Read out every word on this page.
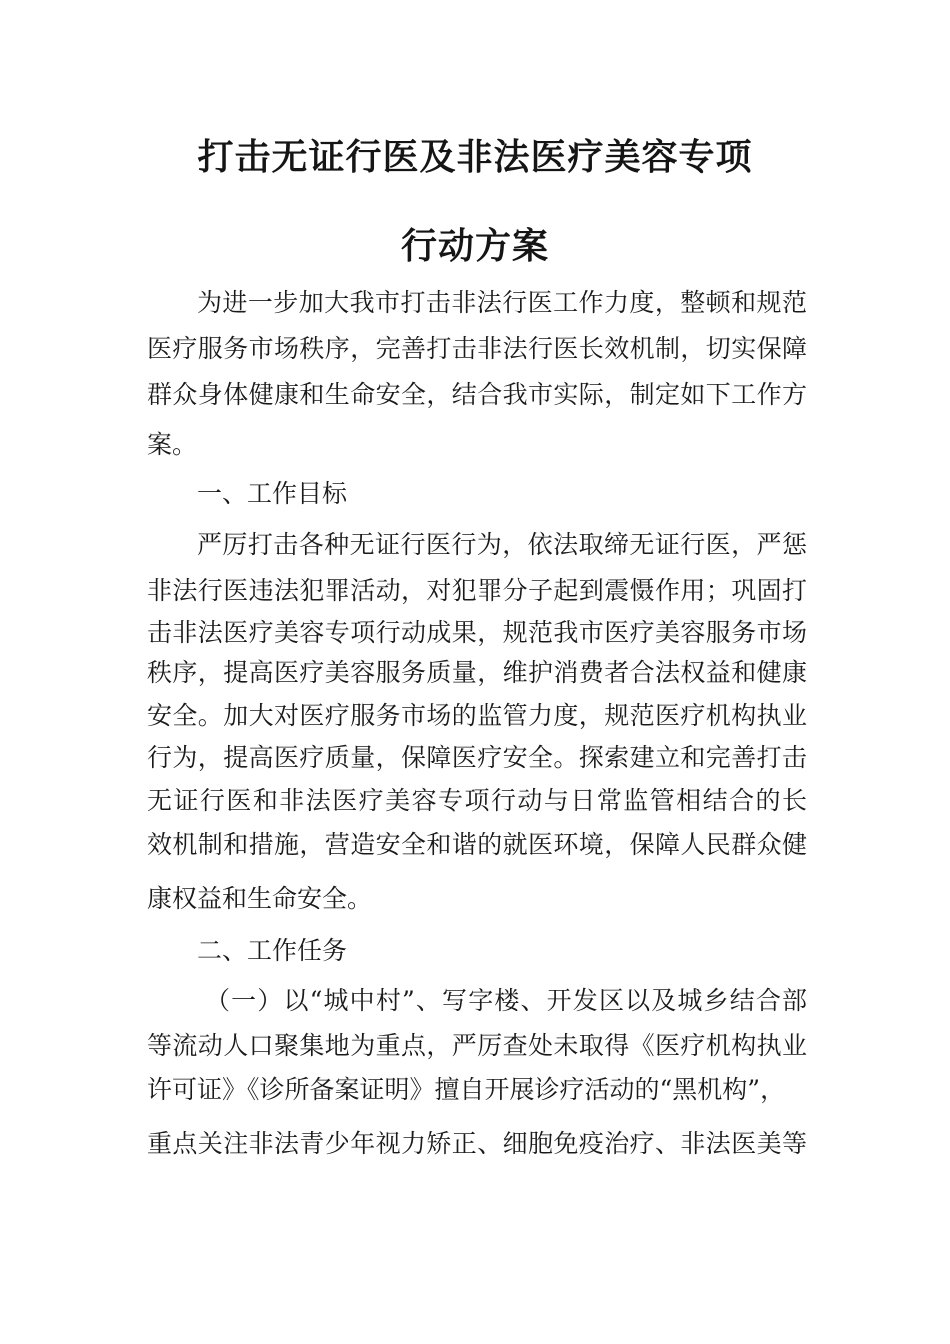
打击无证行医及非法医疗美容专项
行动方案
为进一步加大我市打击非法行医工作力度，整顿和规范
医疗服务市场秩序，完善打击非法行医长效机制，切实保障
群众身体健康和生命安全，结合我市实际，制定如下工作方
案。
一、工作目标
严厉打击各种无证行医行为，依法取缔无证行医，严惩
非法行医违法犯罪活动，对犯罪分子起到震慑作用；巩固打
击非法医疗美容专项行动成果，规范我市医疗美容服务市场
秩序，提高医疗美容服务质量，维护消费者合法权益和健康
安全。加大对医疗服务市场的监管力度，规范医疗机构执业
行为，提高医疗质量，保障医疗安全。探索建立和完善打击
无证行医和非法医疗美容专项行动与日常监管相结合的长
效机制和措施，营造安全和谐的就医环境，保障人民群众健
康权益和生命安全。
二、工作任务
（一）以“城中村”、写字楼、开发区以及城乡结合部
等流动人口聚集地为重点，严厉查处未取得《医疗机构执业
许可证》《诊所备案证明》擅自开展诊疗活动的“黑机构”，
重点关注非法青少年视力矫正、细胞免疫治疗、非法医美等
